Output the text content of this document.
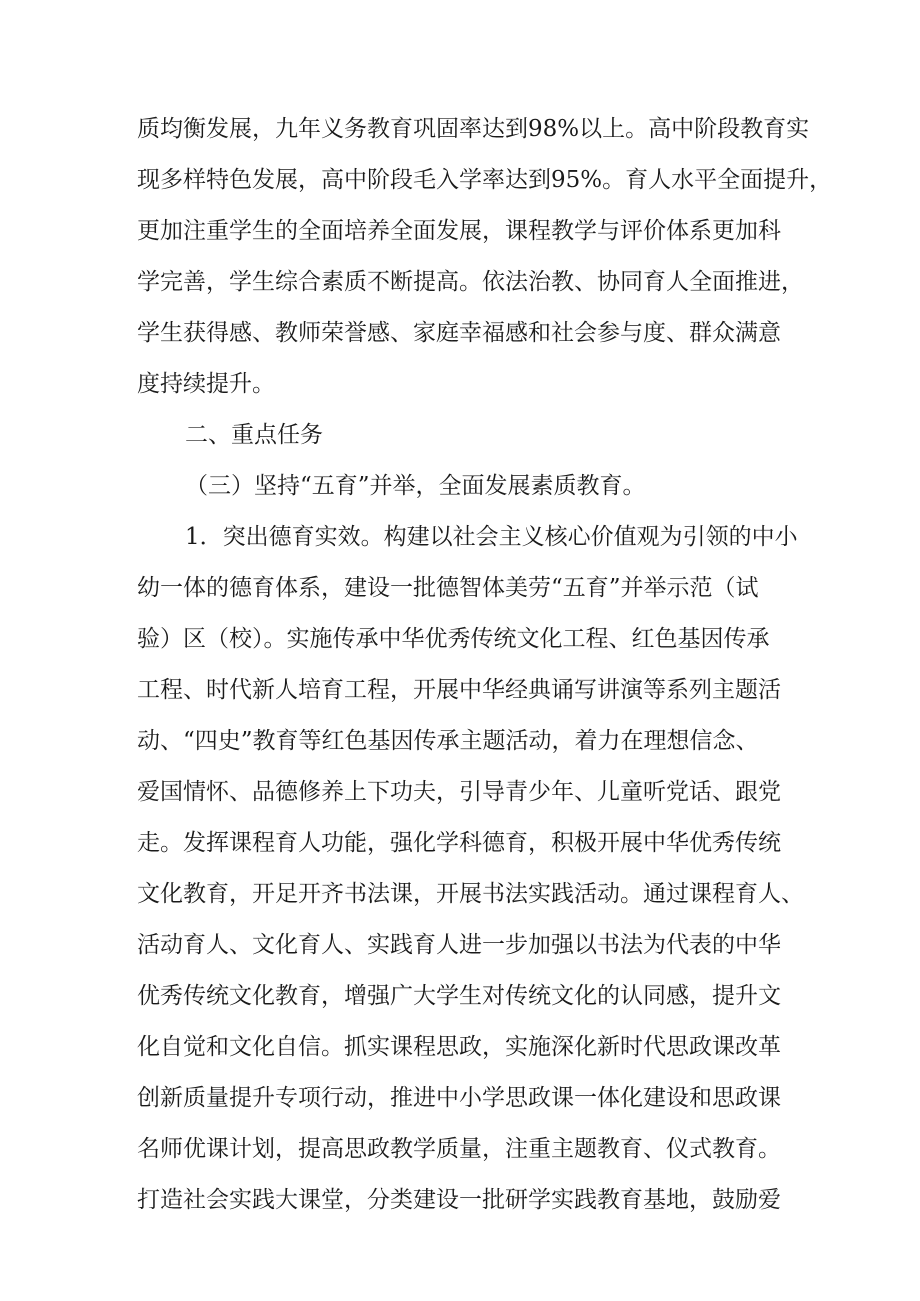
质均衡发展，九年义务教育巩固率达到98%以上。高中阶段教育实
现多样特色发展，高中阶段毛入学率达到95%。育人水平全面提升，
更加注重学生的全面培养全面发展，课程教学与评价体系更加科
学完善，学生综合素质不断提高。依法治教、协同育人全面推进，
学生获得感、教师荣誉感、家庭幸福感和社会参与度、群众满意
度持续提升。
二、重点任务
（三）坚持“五育”并举，全面发展素质教育。
1．突出德育实效。构建以社会主义核心价值观为引领的中小
幼一体的德育体系，建设一批德智体美劳“五育”并举示范（试
验）区（校）。实施传承中华优秀传统文化工程、红色基因传承
工程、时代新人培育工程，开展中华经典诵写讲演等系列主题活
动、“四史”教育等红色基因传承主题活动，着力在理想信念、
爱国情怀、品德修养上下功夫，引导青少年、儿童听党话、跟党
走。发挥课程育人功能，强化学科德育，积极开展中华优秀传统
文化教育，开足开齐书法课，开展书法实践活动。通过课程育人、
活动育人、文化育人、实践育人进一步加强以书法为代表的中华
优秀传统文化教育，增强广大学生对传统文化的认同感，提升文
化自觉和文化自信。抓实课程思政，实施深化新时代思政课改革
创新质量提升专项行动，推进中小学思政课一体化建设和思政课
名师优课计划，提高思政教学质量，注重主题教育、仪式教育。
打造社会实践大课堂，分类建设一批研学实践教育基地，鼓励爱
